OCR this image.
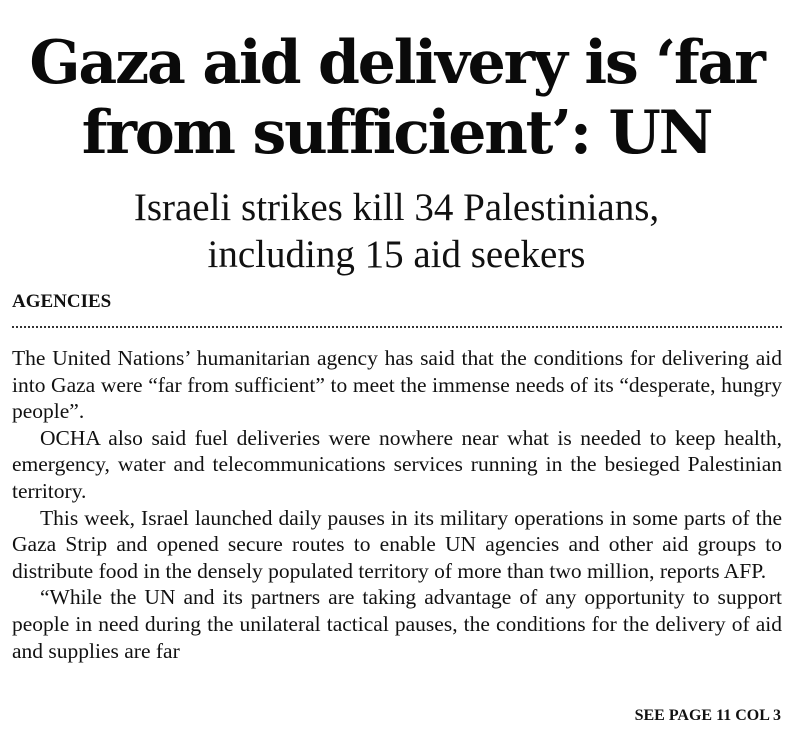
Gaza aid delivery is ‘far
from sufficient’: UN
Israeli strikes kill 34 Palestinians,
including 15 aid seekers

AGENCIES

The United Nations’ humanitarian agency has said that the conditions for delivering aid into Gaza were “far from sufficient” to meet the immense needs of its “desperate, hungry people”.

OCHA also said fuel deliveries were nowhere near what is needed to keep health, emergency, water and telecommunications services running in the besieged Palestinian territory.

This week, Israel launched daily pauses in its military operations in some parts of the Gaza Strip and opened secure routes to enable UN agencies and other aid groups to distribute food in the densely populated territory of more than two million, reports AFP.

“While the UN and its partners are taking advantage of any opportunity to support people in need during the unilateral tactical pauses, the conditions for the delivery of aid and supplies are far

SEE PAGE 11 COL 3
